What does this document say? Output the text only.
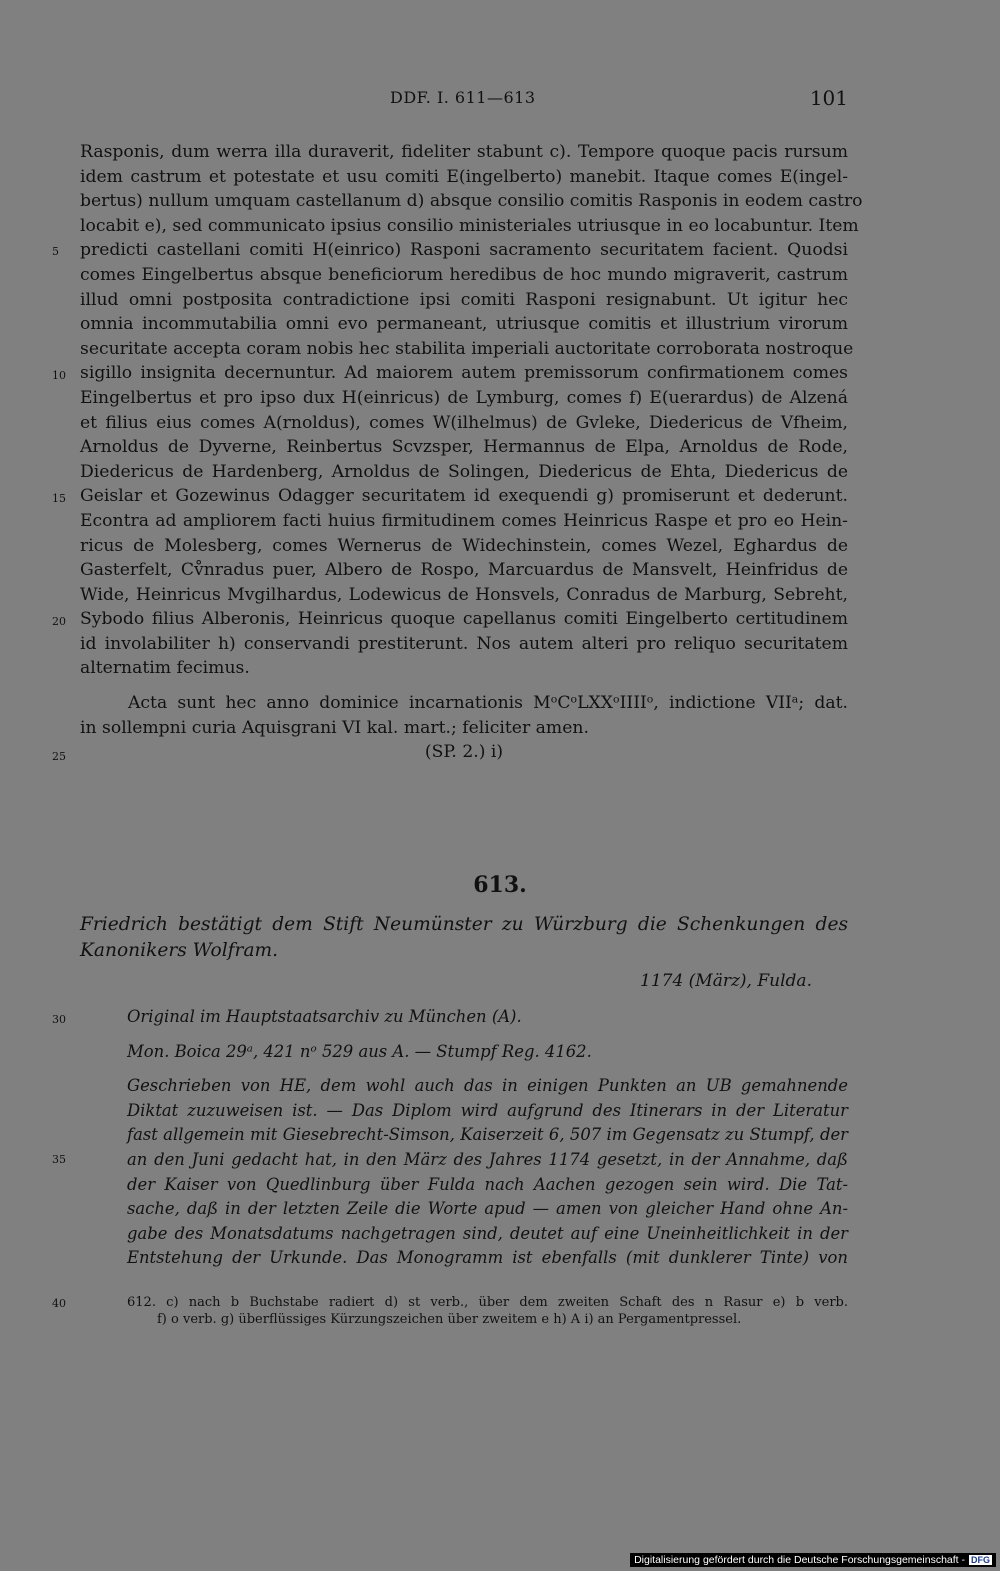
DDF. I. 611—613	101
Rasponis, dum werra illa duraverit, fideliter stabunt c). Tempore quoque pacis rursum
idem castrum et potestate et usu comiti E(ingelberto) manebit. Itaque comes E(ingel-
bertus) nullum umquam castellanum d) absque consilio comitis Rasponis in eodem castro
locabit e), sed communicato ipsius consilio ministeriales utriusque in eo locabuntur. Item
predicti castellani comiti H(einrico) Rasponi sacramento securitatem facient. Quodsi
comes Eingelbertus absque beneficiorum heredibus de hoc mundo migraverit, castrum
illud omni postposita contradictione ipsi comiti Rasponi resignabunt. Ut igitur hec
omnia incommutabilia omni evo permaneant, utriusque comitis et illustrium virorum
securitate accepta coram nobis hec stabilita imperiali auctoritate corroborata nostroque
sigillo insignita decernuntur. Ad maiorem autem premissorum confirmationem comes
Eingelbertus et pro ipso dux H(einricus) de Lymburg, comes f) E(uerardus) de Alzená
et filius eius comes A(rnoldus), comes W(ilhelmus) de Gvleke, Diedericus de Vfheim,
Arnoldus de Dyverne, Reinbertus Scvzsper, Hermannus de Elpa, Arnoldus de Rode,
Diedericus de Hardenberg, Arnoldus de Solingen, Diedericus de Ehta, Diedericus de
Geislar et Gozewinus Odagger securitatem id exequendi g) promiserunt et dederunt.
Econtra ad ampliorem facti huius firmitudinem comes Heinricus Raspe et pro eo Hein-
ricus de Molesberg, comes Wernerus de Widechinstein, comes Wezel, Eghardus de
Gasterfelt, Cv̊nradus puer, Albero de Rospo, Marcuardus de Mansvelt, Heinfridus de
Wide, Heinricus Mvgilhardus, Lodewicus de Honsvels, Conradus de Marburg, Sebreht,
Sybodo filius Alberonis, Heinricus quoque capellanus comiti Eingelberto certitudinem
id involabiliter h) conservandi prestiterunt. Nos autem alteri pro reliquo securitatem
alternatim fecimus.
Acta sunt hec anno dominice incarnationis MᵒCᵒLXXᵒIIIIᵒ, indictione VIIᵃ; dat.
in sollempni curia Aquisgrani VI kal. mart.; feliciter amen.
(SP. 2.) i)
5
10
15
20
25
30
35
40
613.
Friedrich bestätigt dem Stift Neumünster zu Würzburg die Schenkungen des Kanonikers Wolfram.
1174 (März), Fulda.
Original im Hauptstaatsarchiv zu München (A).
Mon. Boica 29ᵃ, 421 nᵒ 529 aus A. — Stumpf Reg. 4162.
Geschrieben von HE, dem wohl auch das in einigen Punkten an UB gemahnende
Diktat zuzuweisen ist. — Das Diplom wird aufgrund des Itinerars in der Literatur
fast allgemein mit Giesebrecht-Simson, Kaiserzeit 6, 507 im Gegensatz zu Stumpf, der
an den Juni gedacht hat, in den März des Jahres 1174 gesetzt, in der Annahme, daß
der Kaiser von Quedlinburg über Fulda nach Aachen gezogen sein wird. Die Tat-
sache, daß in der letzten Zeile die Worte apud — amen von gleicher Hand ohne An-
gabe des Monatsdatums nachgetragen sind, deutet auf eine Uneinheitlichkeit in der
Entstehung der Urkunde. Das Monogramm ist ebenfalls (mit dunklerer Tinte) von
612. c) nach b Buchstabe radiert d) st verb., über dem zweiten Schaft des n Rasur e) b verb.
f) o verb. g) überflüssiges Kürzungszeichen über zweitem e h) A i) an Pergamentpressel.
Digitalisierung gefördert durch die Deutsche Forschungsgemeinschaft - DFG
